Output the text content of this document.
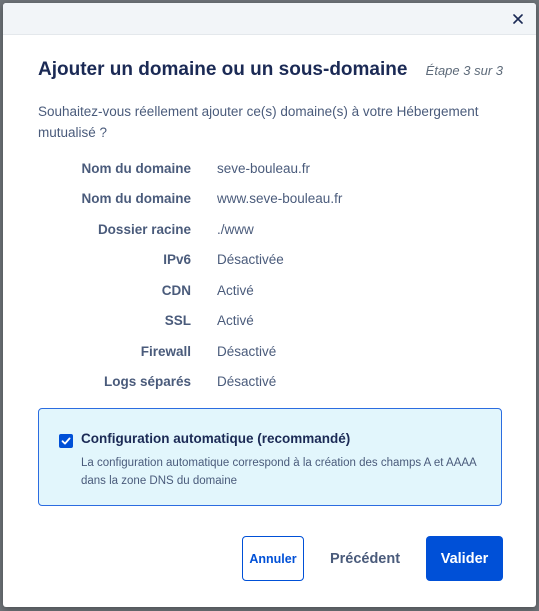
Ajouter un domaine ou un sous-domaine Étape 3 sur 3
Souhaitez-vous réellement ajouter ce(s) domaine(s) à votre Hébergement mutualisé ?
Nom du domaine	seve-bouleau.fr
Nom du domaine	www.seve-bouleau.fr
Dossier racine	./www
IPv6	Désactivée
CDN	Activé
SSL	Activé
Firewall	Désactivé
Logs séparés	Désactivé
Configuration automatique (recommandé)
La configuration automatique correspond à la création des champs A et AAAA dans la zone DNS du domaine
Annuler	Précédent	Valider
